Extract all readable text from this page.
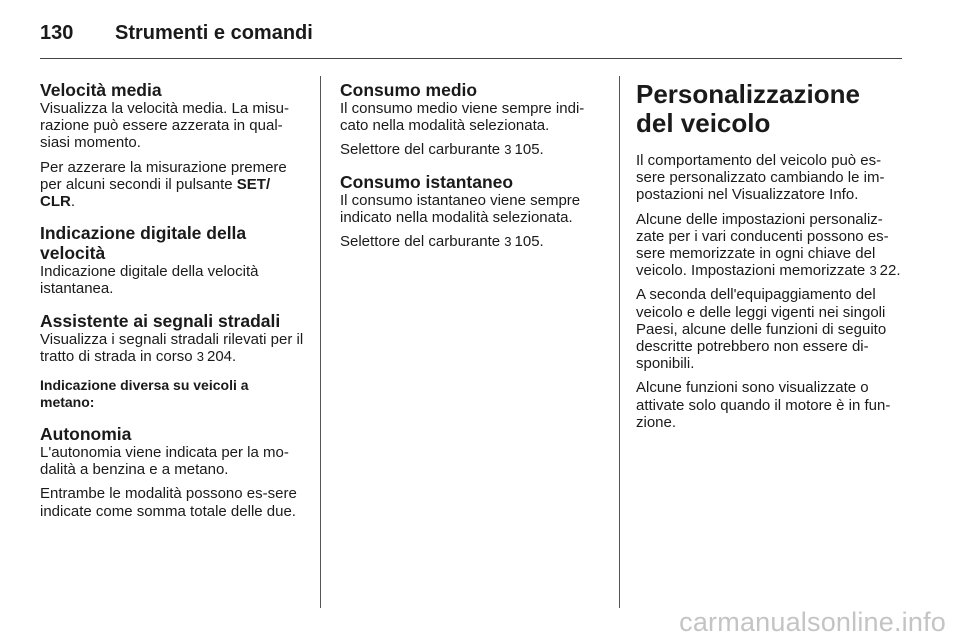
130 Strumenti e comandi
Velocità media

Visualizza la velocità media. La misu-razione può essere azzerata in qual-siasi momento.

Per azzerare la misurazione premere per alcuni secondi il pulsante SET/ CLR.

Indicazione digitale della velocità

Indicazione digitale della velocità istantanea.

Assistente ai segnali stradali

Visualizza i segnali stradali rilevati per il tratto di strada in corso 3 204.

Indicazione diversa su veicoli a metano:
Autonomia

L'autonomia viene indicata per la mo-dalità a benzina e a metano.

Entrambe le modalità possono es-sere indicate come somma totale delle due.

Consumo medio

Il consumo medio viene sempre indi-cato nella modalità selezionata.

Selettore del carburante 3 105.

Consumo istantaneo

Il consumo istantaneo viene sempre indicato nella modalità selezionata.

Selettore del carburante 3 105.

Personalizzazione del veicolo

Il comportamento del veicolo può es-sere personalizzato cambiando le im-postazioni nel Visualizzatore Info.

Alcune delle impostazioni personaliz-zate per i vari conducenti possono es-sere memorizzate in ogni chiave del veicolo. Impostazioni memorizzate 3 22.

A seconda dell'equipaggiamento del veicolo e delle leggi vigenti nei singoli Paesi, alcune delle funzioni di seguito descritte potrebbero non essere di-sponibili.

Alcune funzioni sono visualizzate o attivate solo quando il motore è in fun-zione.

carmanualsonline.info
